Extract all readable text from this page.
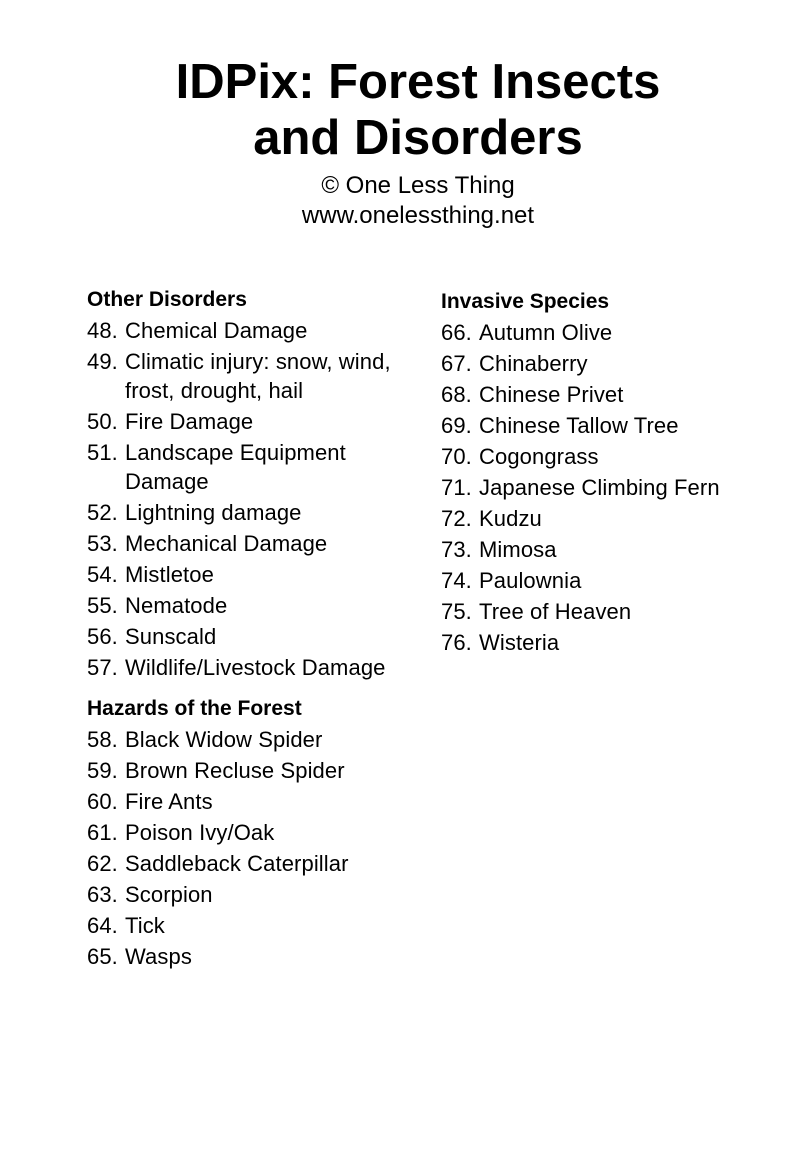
IDPix: Forest Insects
and Disorders
© One Less Thing
www.onelessthing.net
Other Disorders
48. Chemical Damage
49. Climatic injury: snow, wind, frost, drought, hail
50. Fire Damage
51. Landscape Equipment Damage
52. Lightning damage
53. Mechanical Damage
54. Mistletoe
55. Nematode
56. Sunscald
57. Wildlife/Livestock Damage
Hazards of the Forest
58. Black Widow Spider
59. Brown Recluse Spider
60. Fire Ants
61. Poison Ivy/Oak
62. Saddleback Caterpillar
63. Scorpion
64. Tick
65. Wasps
Invasive Species
66. Autumn Olive
67. Chinaberry
68. Chinese Privet
69. Chinese Tallow Tree
70. Cogongrass
71. Japanese Climbing Fern
72. Kudzu
73. Mimosa
74. Paulownia
75. Tree of Heaven
76. Wisteria
